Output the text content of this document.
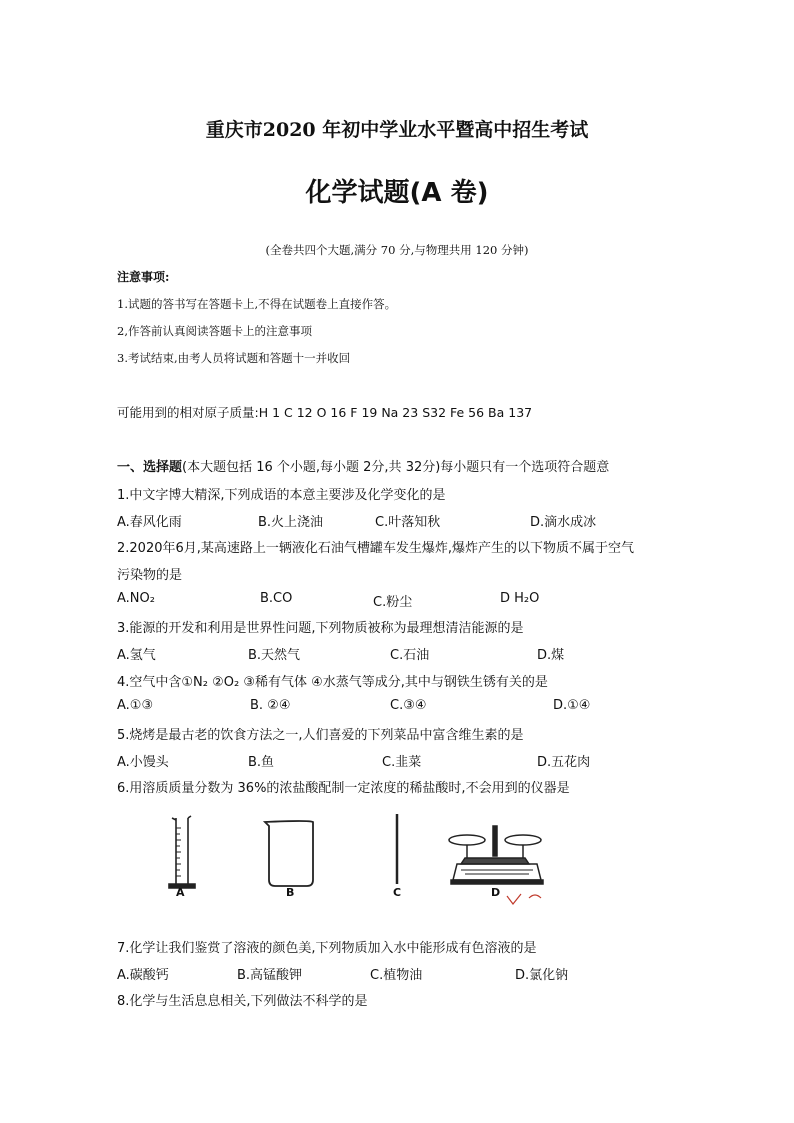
重庆市2020 年初中学业水平暨高中招生考试
化学试题(A 卷)
(全卷共四个大题,满分 70 分,与物理共用 120 分钟)
注意事项:
1.试题的答书写在答题卡上,不得在试题卷上直接作答。
2,作答前认真阅读答题卡上的注意事项
3.考试结束,由考人员将试题和答题十一并收回
可能用到的相对原子质量:H 1 C 12 O 16 F 19 Na 23 S32 Fe 56 Ba 137
一、选择题(本大题包括 16 个小题,每小题 2分,共 32分)每小题只有一个选项符合题意
1.中文字博大精深,下列成语的本意主要涉及化学变化的是
A.春风化雨	B.火上浇油	C.叶落知秋	D.滴水成冰
2.2020年6月,某高速路上一辆液化石油气槽罐车发生爆炸,爆炸产生的以下物质不属于空气
污染物的是
A.NO₂	B.CO	C.粉尘	D H₂O
3.能源的开发和利用是世界性问题,下列物质被称为最理想清洁能源的是
A.氢气	B.天然气	C.石油	D.煤
4.空气中含①N₂ ②O₂ ③稀有气体 ④水蒸气等成分,其中与钢铁生锈有关的是
A.①③	B. ②④	C.③④	D.①④
5.烧烤是最古老的饮食方法之一,人们喜爱的下列菜品中富含维生素的是
A.小馒头	B.鱼	C.韭菜	D.五花肉
6.用溶质质量分数为 36%的浓盐酸配制一定浓度的稀盐酸时,不会用到的仪器是
A	B	C	D
7.化学让我们鉴赏了溶液的颜色美,下列物质加入水中能形成有色溶液的是
A.碳酸钙	B.高锰酸钾	C.植物油	D.氯化钠
8.化学与生活息息相关,下列做法不科学的是
